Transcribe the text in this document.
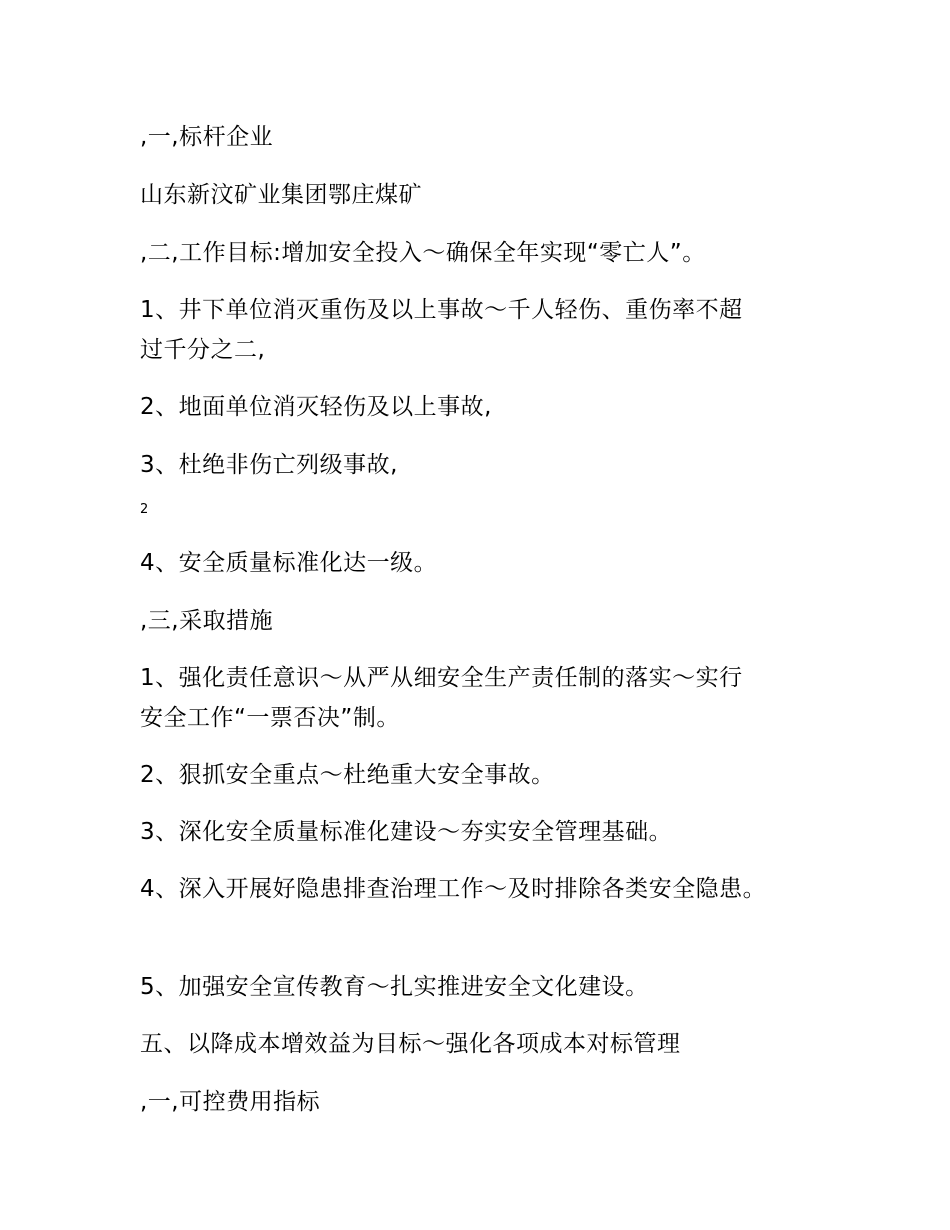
,一,标杆企业
山东新汶矿业集团鄂庄煤矿
,二,工作目标:增加安全投入～确保全年实现“零亡人”。
1、井下单位消灭重伤及以上事故～千人轻伤、重伤率不超
过千分之二,
2、地面单位消灭轻伤及以上事故,
3、杜绝非伤亡列级事故,
2
4、安全质量标准化达一级。
,三,采取措施
1、强化责任意识～从严从细安全生产责任制的落实～实行
安全工作“一票否决”制。
2、狠抓安全重点～杜绝重大安全事故。
3、深化安全质量标准化建设～夯实安全管理基础。
4、深入开展好隐患排查治理工作～及时排除各类安全隐患。
5、加强安全宣传教育～扎实推进安全文化建设。
五、以降成本增效益为目标～强化各项成本对标管理
,一,可控费用指标
